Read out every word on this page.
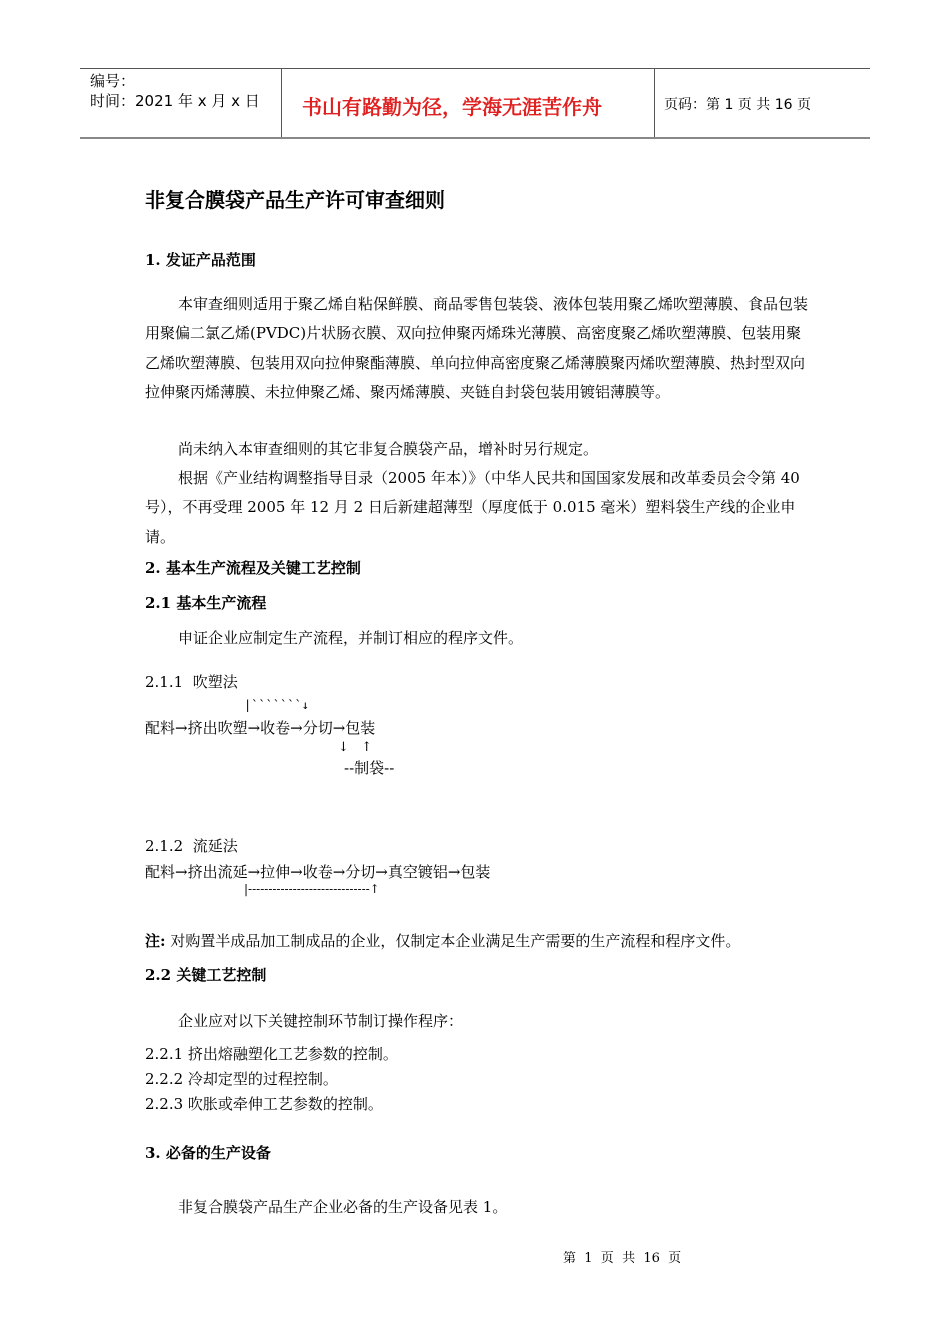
编号：
时间：2021 年 x 月 x 日 书山有路勤为径，学海无涯苦作舟	页码：第 1 页 共 16 页
非复合膜袋产品生产许可审查细则
1. 发证产品范围
本审查细则适用于聚乙烯自粘保鲜膜、商品零售包装袋、液体包装用聚乙烯吹塑薄膜、食品包装用聚偏二氯乙烯(PVDC)片状肠衣膜、双向拉伸聚丙烯珠光薄膜、高密度聚乙烯吹塑薄膜、包装用聚乙烯吹塑薄膜、包装用双向拉伸聚酯薄膜、单向拉伸高密度聚乙烯薄膜聚丙烯吹塑薄膜、热封型双向拉伸聚丙烯薄膜、未拉伸聚乙烯、聚丙烯薄膜、夹链自封袋包装用镀铝薄膜等。
尚未纳入本审查细则的其它非复合膜袋产品，增补时另行规定。
根据《产业结构调整指导目录（2005 年本）》（中华人民共和国国家发展和改革委员会令第 40 号），不再受理 2005 年 12 月 2 日后新建超薄型（厚度低于 0.015 毫米）塑料袋生产线的企业申请。
2. 基本生产流程及关键工艺控制
2.1 基本生产流程
申证企业应制定生产流程，并制订相应的程序文件。
2.1.1  吹塑法
|```````↓
配料→挤出吹塑→收卷→分切→包装
↓   ↑
--制袋--
2.1.2  流延法
配料→挤出流延→拉伸→收卷→分切→真空镀铝→包装
|------------------------------↑
注: 对购置半成品加工制成品的企业，仅制定本企业满足生产需要的生产流程和程序文件。
2.2 关键工艺控制
企业应对以下关键控制环节制订操作程序：
2.2.1 挤出熔融塑化工艺参数的控制。
2.2.2 冷却定型的过程控制。
2.2.3 吹胀或牵伸工艺参数的控制。
3. 必备的生产设备
非复合膜袋产品生产企业必备的生产设备见表 1。
第  1  页  共  16  页
